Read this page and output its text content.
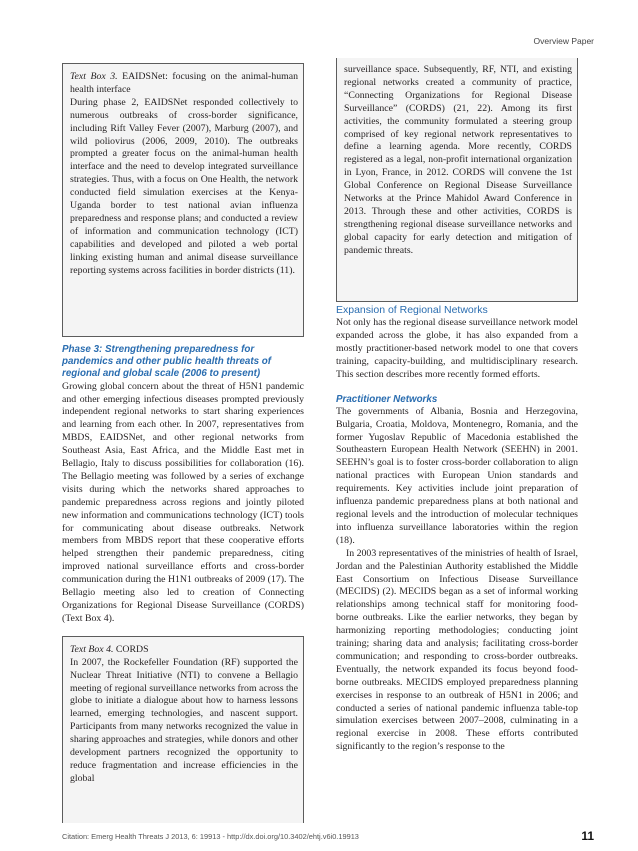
Overview Paper

Text Box 3. EAIDSNet: focusing on the animal-human health interface

During phase 2, EAIDSNet responded collectively to numerous outbreaks of cross-border significance, including Rift Valley Fever (2007), Marburg (2007), and wild poliovirus (2006, 2009, 2010). The outbreaks prompted a greater focus on the animal-human health interface and the need to develop integrated surveillance strategies. Thus, with a focus on One Health, the network conducted field simulation exercises at the Kenya-Uganda border to test national avian influenza preparedness and response plans; and conducted a review of information and communication technology (ICT) capabilities and developed and piloted a web portal linking existing human and animal disease surveillance reporting systems across facilities in border districts (11).

Phase 3: Strengthening preparedness for pandemics and other public health threats of regional and global scale (2006 to present)

Growing global concern about the threat of H5N1 pandemic and other emerging infectious diseases prompted previously independent regional networks to start sharing experiences and learning from each other. In 2007, representatives from MBDS, EAIDSNet, and other regional networks from Southeast Asia, East Africa, and the Middle East met in Bellagio, Italy to discuss possibilities for collaboration (16). The Bellagio meeting was followed by a series of exchange visits during which the networks shared approaches to pandemic preparedness across regions and jointly piloted new information and communications technology (ICT) tools for communicating about disease outbreaks. Network members from MBDS report that these cooperative efforts helped strengthen their pandemic preparedness, citing improved national surveillance efforts and cross-border communication during the H1N1 outbreaks of 2009 (17). The Bellagio meeting also led to creation of Connecting Organizations for Regional Disease Surveillance (CORDS) (Text Box 4).

Text Box 4. CORDS

In 2007, the Rockefeller Foundation (RF) supported the Nuclear Threat Initiative (NTI) to convene a Bellagio meeting of regional surveillance networks from across the globe to initiate a dialogue about how to harness lessons learned, emerging technologies, and nascent support. Participants from many networks recognized the value in sharing approaches and strategies, while donors and other development partners recognized the opportunity to reduce fragmentation and increase efficiencies in the global

surveillance space. Subsequently, RF, NTI, and existing regional networks created a community of practice, “Connecting Organizations for Regional Disease Surveillance” (CORDS) (21, 22). Among its first activities, the community formulated a steering group comprised of key regional network representatives to define a learning agenda. More recently, CORDS registered as a legal, non-profit international organization in Lyon, France, in 2012. CORDS will convene the 1st Global Conference on Regional Disease Surveillance Networks at the Prince Mahidol Award Conference in 2013. Through these and other activities, CORDS is strengthening regional disease surveillance networks and global capacity for early detection and mitigation of pandemic threats.

Expansion of Regional Networks

Not only has the regional disease surveillance network model expanded across the globe, it has also expanded from a mostly practitioner-based network model to one that covers training, capacity-building, and multidisciplinary research. This section describes more recently formed efforts.

Practitioner Networks

The governments of Albania, Bosnia and Herzegovina, Bulgaria, Croatia, Moldova, Montenegro, Romania, and the former Yugoslav Republic of Macedonia established the Southeastern European Health Network (SEEHN) in 2001. SEEHN’s goal is to foster cross-border collaboration to align national practices with European Union standards and requirements. Key activities include joint preparation of influenza pandemic preparedness plans at both national and regional levels and the introduction of molecular techniques into influenza surveillance laboratories within the region (18).

In 2003 representatives of the ministries of health of Israel, Jordan and the Palestinian Authority established the Middle East Consortium on Infectious Disease Surveillance (MECIDS) (2). MECIDS began as a set of informal working relationships among technical staff for monitoring food-borne outbreaks. Like the earlier networks, they began by harmonizing reporting methodologies; conducting joint training; sharing data and analysis; facilitating cross-border communication; and responding to cross-border outbreaks. Eventually, the network expanded its focus beyond food-borne outbreaks. MECIDS employed preparedness planning exercises in response to an outbreak of H5N1 in 2006; and conducted a series of national pandemic influenza table-top simulation exercises between 2007–2008, culminating in a regional exercise in 2008. These efforts contributed significantly to the region’s response to the

Citation: Emerg Health Threats J 2013, 6: 19913 - http://dx.doi.org/10.3402/ehtj.v6i0.19913	11
